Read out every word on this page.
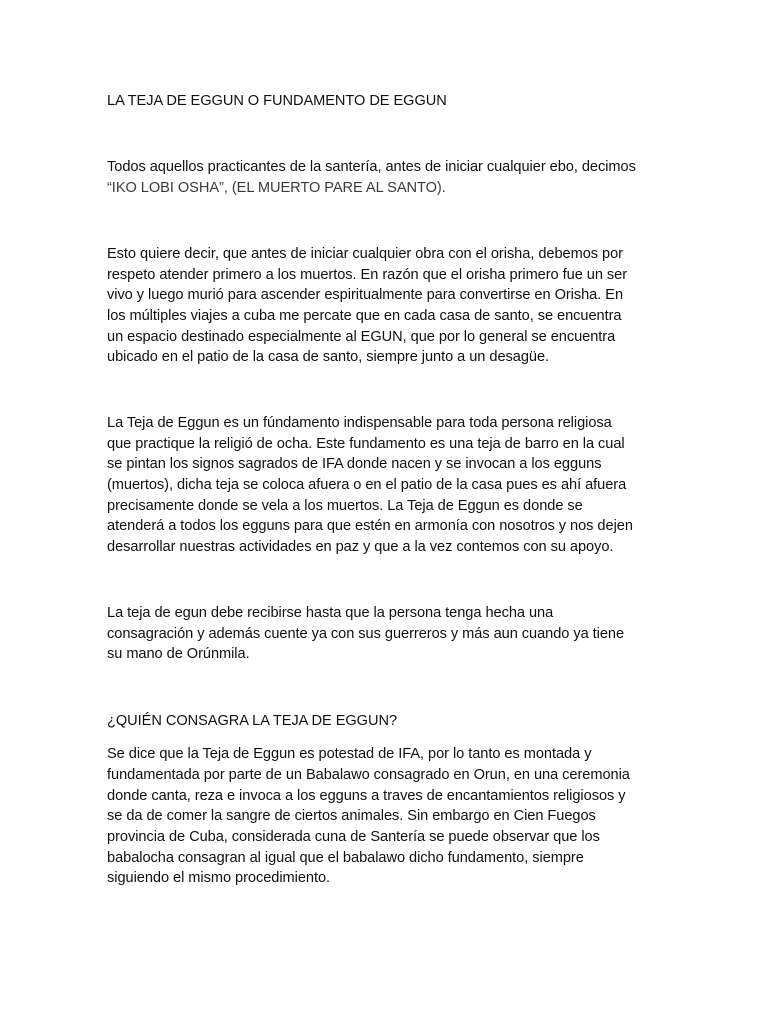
LA TEJA DE EGGUN O FUNDAMENTO DE EGGUN
Todos aquellos practicantes de la santería, antes de iniciar cualquier ebo, decimos
“IKO LOBI OSHA”, (EL MUERTO PARE AL SANTO).
Esto quiere decir, que antes de iniciar cualquier obra con el orisha, debemos por
respeto atender primero a los muertos. En razón que el orisha primero fue un ser
vivo y luego murió para ascender espiritualmente para convertirse en Orisha. En
los múltiples viajes a cuba me percate que en cada casa de santo, se encuentra
un espacio destinado especialmente al EGUN, que por lo general se encuentra
ubicado en el patio de la casa de santo, siempre junto a un desagüe.
La Teja de Eggun es un fúndamento indispensable para toda persona religiosa
que practique la religió de ocha. Este fundamento es una teja de barro en la cual
se pintan los signos sagrados de IFA donde nacen y se invocan a los egguns
(muertos), dicha teja se coloca afuera o en el patio de la casa pues es ahí afuera
precisamente donde se vela a los muertos. La Teja de Eggun es donde se
atenderá a todos los egguns para que estén en armonía con nosotros y nos dejen
desarrollar nuestras actividades en paz y que a la vez contemos con su apoyo.
La teja de egun debe recibirse hasta que la persona tenga hecha una
consagración y además cuente ya con sus guerreros y más aun cuando ya tiene
su mano de Orúnmila.
¿QUIÉN CONSAGRA LA TEJA DE EGGUN?
Se dice que la Teja de Eggun es potestad de IFA, por lo tanto es montada y
fundamentada por parte de un Babalawo consagrado en Orun, en una ceremonia
donde canta, reza e invoca a los egguns a traves de encantamientos religiosos y
se da de comer la sangre de ciertos animales. Sin embargo en Cien Fuegos
provincia de Cuba, considerada cuna de Santería se puede observar que los
babalocha consagran al igual que el babalawo dicho fundamento, siempre
siguiendo el mismo procedimiento.
